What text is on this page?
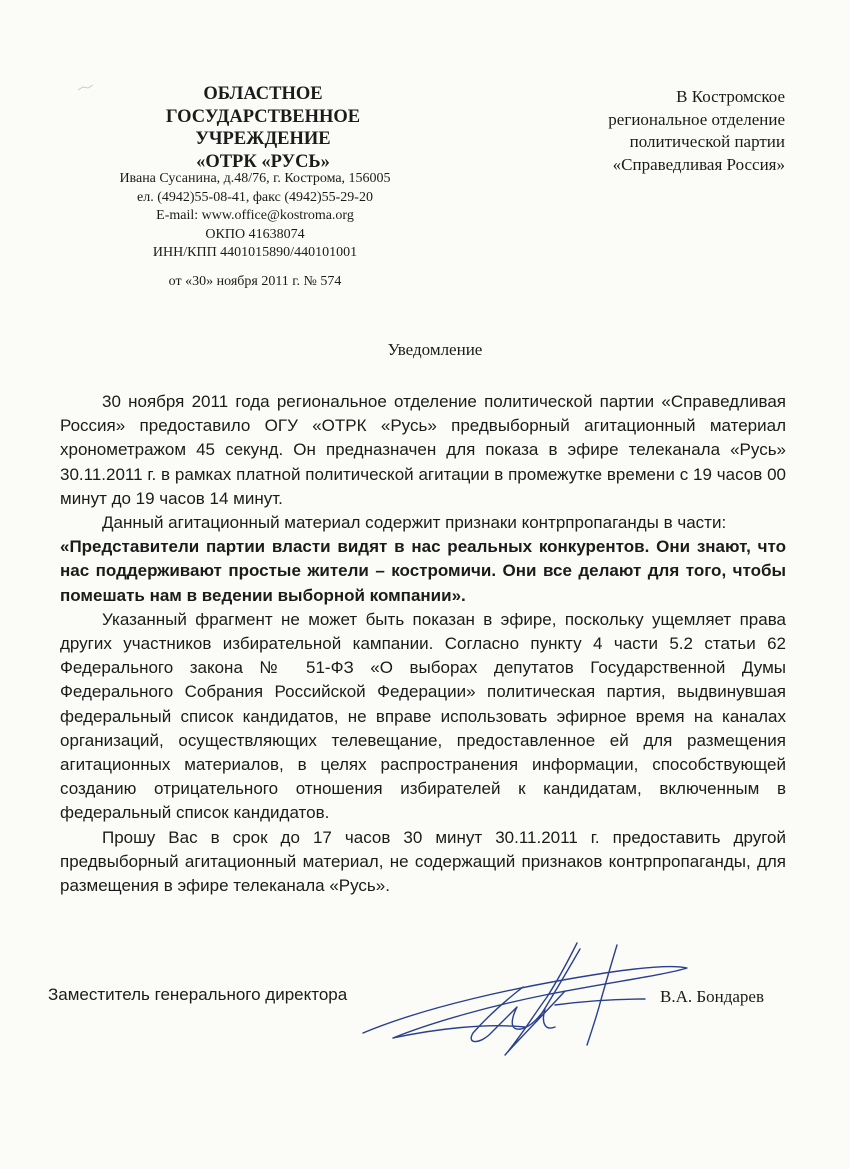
ОБЛАСТНОЕ
ГОСУДАРСТВЕННОЕ
УЧРЕЖДЕНИЕ
«ОТРК «РУСЬ»
Ивана Сусанина, д.48/76, г. Кострома, 156005
ел. (4942)55-08-41, факс (4942)55-29-20
E-mail: www.office@kostroma.org
ОКПО 41638074
ИНН/КПП 4401015890/440101001
от «30» ноября 2011 г. № 574
В Костромское
региональное отделение
политической партии
«Справедливая Россия»
Уведомление

30 ноября 2011 года региональное отделение политической партии «Справедливая Россия» предоставило ОГУ «ОТРК «Русь» предвыборный агитационный материал хронометражом 45 секунд. Он предназначен для показа в эфире телеканала «Русь» 30.11.2011 г. в рамках платной политической агитации в промежутке времени с 19 часов 00 минут до 19 часов 14 минут.

Данный агитационный материал содержит признаки контрпропаганды в части:

«Представители партии власти видят в нас реальных конкурентов. Они знают, что нас поддерживают простые жители – костромичи. Они все делают для того, чтобы помешать нам в ведении выборной компании».

Указанный фрагмент не может быть показан в эфире, поскольку ущемляет права других участников избирательной кампании. Согласно пункту 4 части 5.2 статьи 62 Федерального закона № 51-ФЗ «О выборах депутатов Государственной Думы Федерального Собрания Российской Федерации» политическая партия, выдвинувшая федеральный список кандидатов, не вправе использовать эфирное время на каналах организаций, осуществляющих телевещание, предоставленное ей для размещения агитационных материалов, в целях распространения информации, способствующей созданию отрицательного отношения избирателей к кандидатам, включенным в федеральный список кандидатов.

Прошу Вас в срок до 17 часов 30 минут 30.11.2011 г. предоставить другой предвыборный агитационный материал, не содержащий признаков контрпропаганды, для размещения в эфире телеканала «Русь».

Заместитель генерального директора	В.А. Бондарев
